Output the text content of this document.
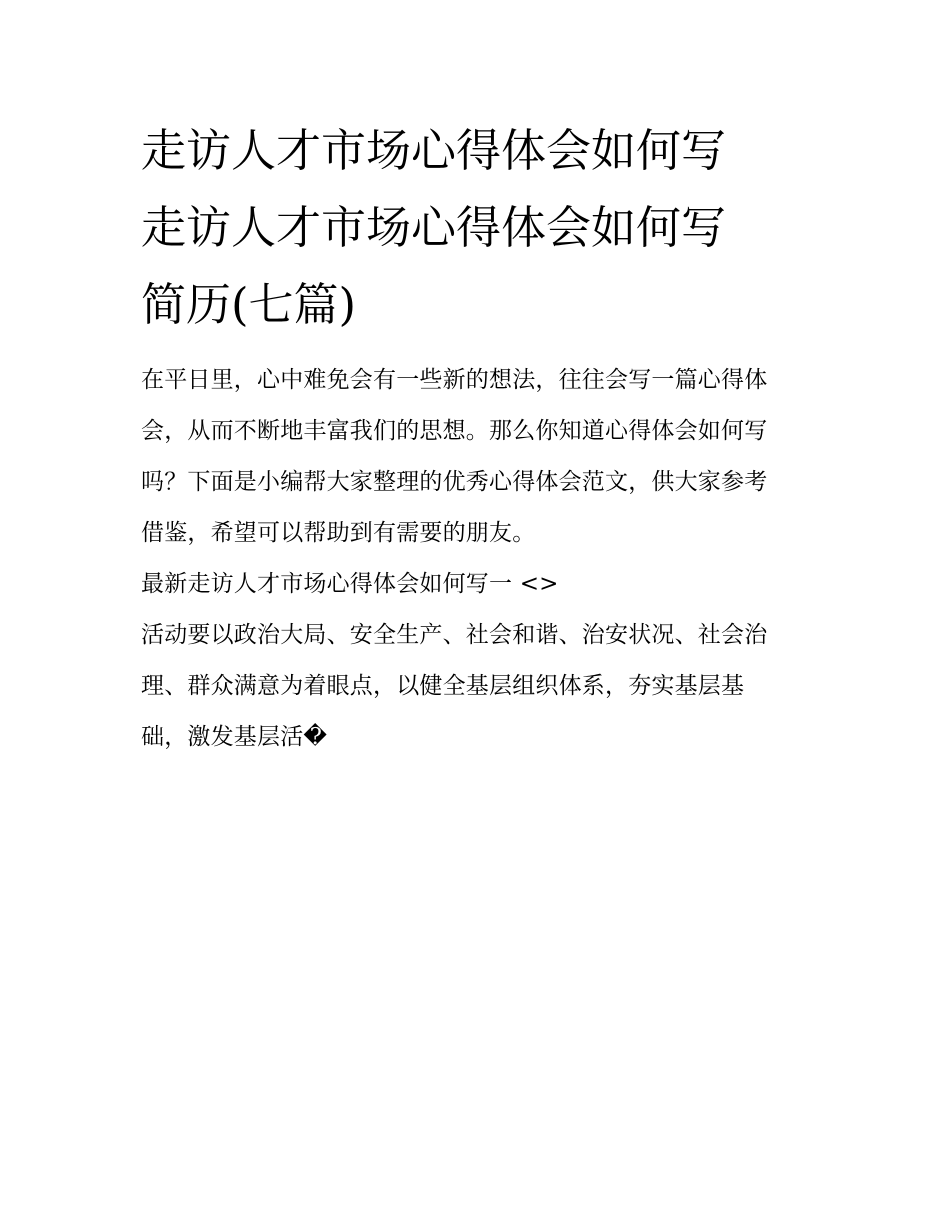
走访人才市场心得体会如何写
走访人才市场心得体会如何写
简历(七篇)
在平日里，心中难免会有一些新的想法，往往会写一篇心得体
会，从而不断地丰富我们的思想。那么你知道心得体会如何写
吗？下面是小编帮大家整理的优秀心得体会范文，供大家参考
借鉴，希望可以帮助到有需要的朋友。
最新走访人才市场心得体会如何写一 <>
活动要以政治大局、安全生产、社会和谐、治安状况、社会治
理、群众满意为着眼点，以健全基层组织体系，夯实基层基
础，激发基层活�
